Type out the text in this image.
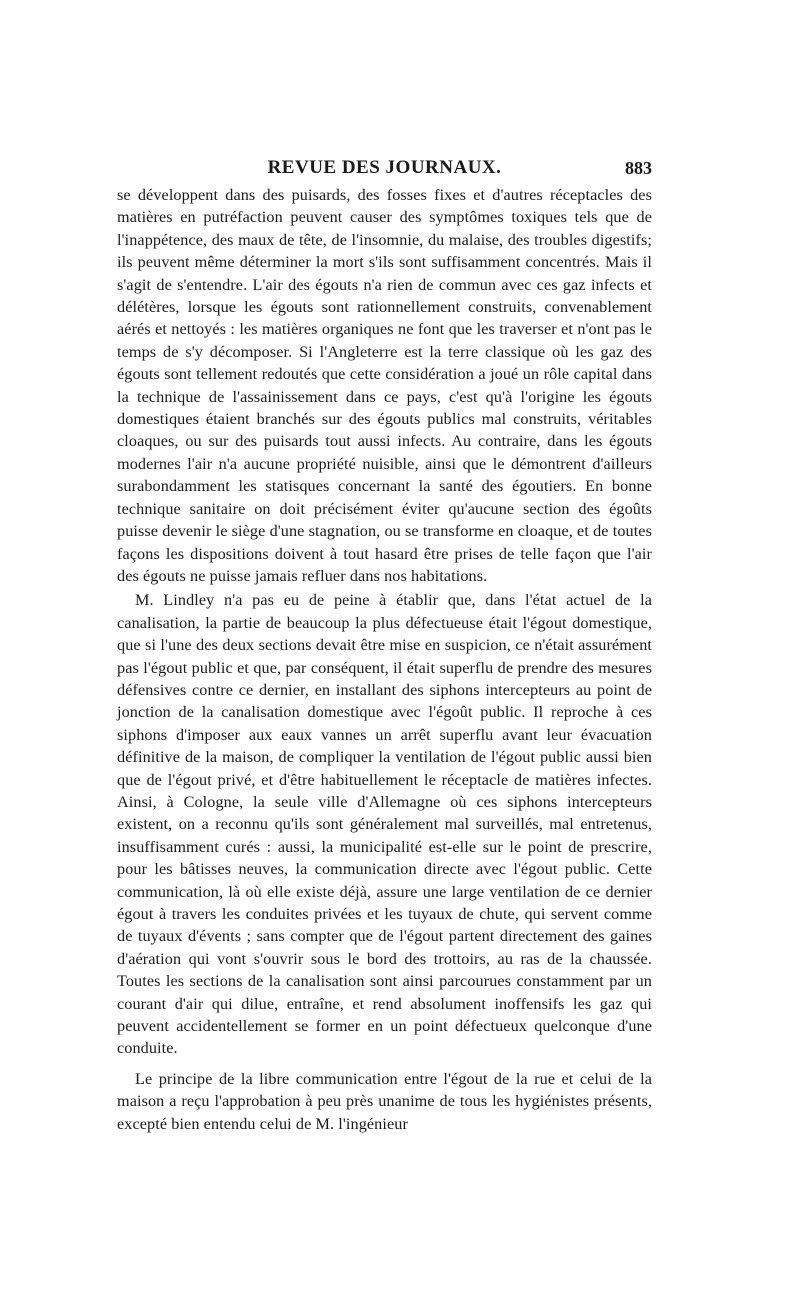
REVUE DES JOURNAUX.	883

se développent dans des puisards, des fosses fixes et d'autres réceptacles des matières en putréfaction peuvent causer des symptômes toxiques tels que de l'inappétence, des maux de tête, de l'insomnie, du malaise, des troubles digestifs; ils peuvent même déterminer la mort s'ils sont suffisamment concentrés. Mais il s'agit de s'entendre. L'air des égouts n'a rien de commun avec ces gaz infects et délétères, lorsque les égouts sont rationnellement construits, convenablement aérés et nettoyés : les matières organiques ne font que les traverser et n'ont pas le temps de s'y décomposer. Si l'Angleterre est la terre classique où les gaz des égouts sont tellement redoutés que cette considération a joué un rôle capital dans la technique de l'assainissement dans ce pays, c'est qu'à l'origine les égouts domestiques étaient branchés sur des égouts publics mal construits, véritables cloaques, ou sur des puisards tout aussi infects. Au contraire, dans les égouts modernes l'air n'a aucune propriété nuisible, ainsi que le démontrent d'ailleurs surabondamment les statisques concernant la santé des égoutiers. En bonne technique sanitaire on doit précisément éviter qu'aucune section des égoûts puisse devenir le siège d'une stagnation, ou se transforme en cloaque, et de toutes façons les dispositions doivent à tout hasard être prises de telle façon que l'air des égouts ne puisse jamais refluer dans nos habitations.

M. Lindley n'a pas eu de peine à établir que, dans l'état actuel de la canalisation, la partie de beaucoup la plus défectueuse était l'égout domestique, que si l'une des deux sections devait être mise en suspicion, ce n'était assurément pas l'égout public et que, par conséquent, il était superflu de prendre des mesures défensives contre ce dernier, en installant des siphons intercepteurs au point de jonction de la canalisation domestique avec l'égoût public. Il reproche à ces siphons d'imposer aux eaux vannes un arrêt superflu avant leur évacuation définitive de la maison, de compliquer la ventilation de l'égout public aussi bien que de l'égout privé, et d'être habituellement le réceptacle de matières infectes. Ainsi, à Cologne, la seule ville d'Allemagne où ces siphons intercepteurs existent, on a reconnu qu'ils sont généralement mal surveillés, mal entretenus, insuffisamment curés : aussi, la municipalité est-elle sur le point de prescrire, pour les bâtisses neuves, la communication directe avec l'égout public. Cette communication, là où elle existe déjà, assure une large ventilation de ce dernier égout à travers les conduites privées et les tuyaux de chute, qui servent comme de tuyaux d'évents ; sans compter que de l'égout partent directement des gaines d'aération qui vont s'ouvrir sous le bord des trottoirs, au ras de la chaussée. Toutes les sections de la canalisation sont ainsi parcourues constamment par un courant d'air qui dilue, entraîne, et rend absolument inoffensifs les gaz qui peuvent accidentellement se former en un point défectueux quelconque d'une conduite.

Le principe de la libre communication entre l'égout de la rue et celui de la maison a reçu l'approbation à peu près unanime de tous les hygiénistes présents, excepté bien entendu celui de M. l'ingénieur
